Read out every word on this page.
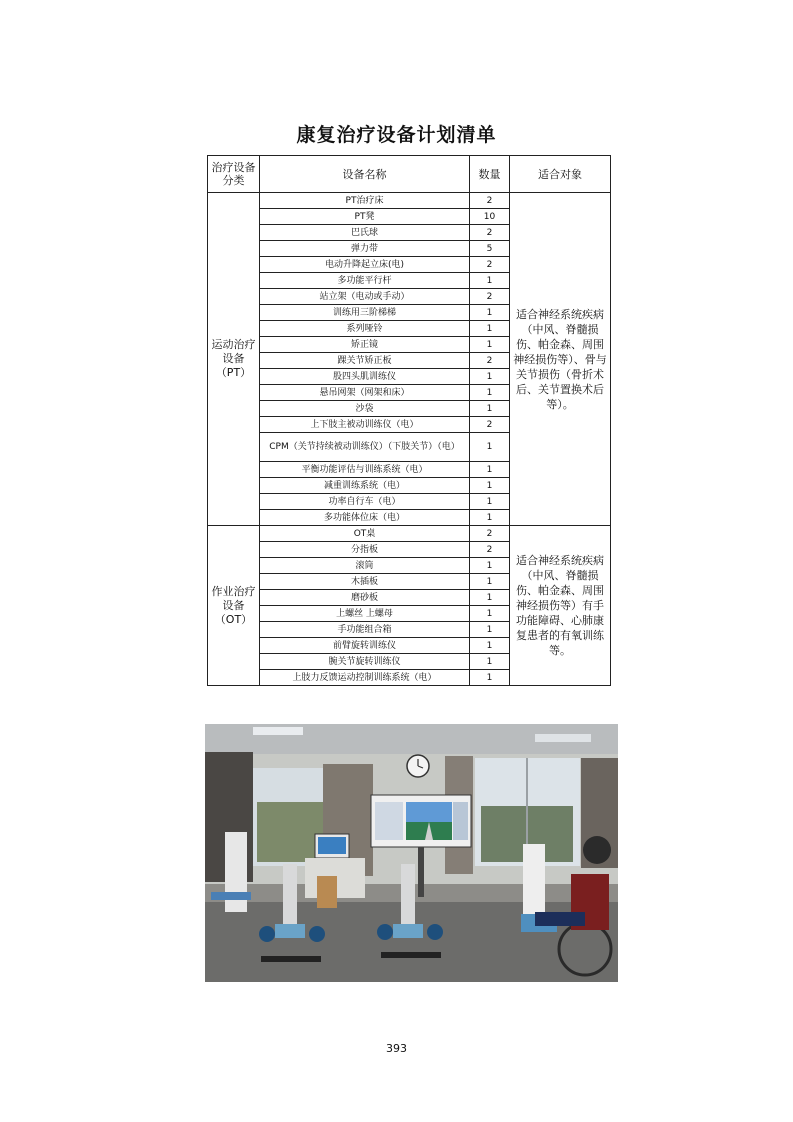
康复治疗设备计划清单
治疗设备分类	设备名称	数量	适合对象
运动治疗设备（PT）	PT治疗床	2	适合神经系统疾病（中风、脊髓损伤、帕金森、周围神经损伤等）、骨与关节损伤（骨折术后、关节置换术后等）。
	PT凳	10	
	巴氏球	2	
	弹力带	5	
	电动升降起立床(电)	2	
	多功能平行杆	1	
	站立架（电动或手动）	2	
	训练用三阶梯梯	1	
	系列哑铃	1	
	矫正镜	1	
	踝关节矫正板	2	
	股四头肌训练仪	1	
	悬吊网架（网架和床）	1	
	沙袋	1	
	上下肢主被动训练仪（电）	2	
	CPM（关节持续被动训练仪）（下肢关节）（电）	1	
	平衡功能评估与训练系统（电）	1	
	减重训练系统（电）	1	
	功率自行车（电）	1	
	多功能体位床（电）	1	
作业治疗设备（OT）	OT桌	2	适合神经系统疾病（中风、脊髓损伤、帕金森、周围神经损伤等）有手功能障碍、心肺康复患者的有氧训练等。
	分指板	2	
	滚筒	1	
	木插板	1	
	磨砂板	1	
	上螺丝 上螺母	1	
	手功能组合箱	1	
	前臂旋转训练仪	1	
	腕关节旋转训练仪	1	
	上肢力反馈运动控制训练系统（电）	1	
393
